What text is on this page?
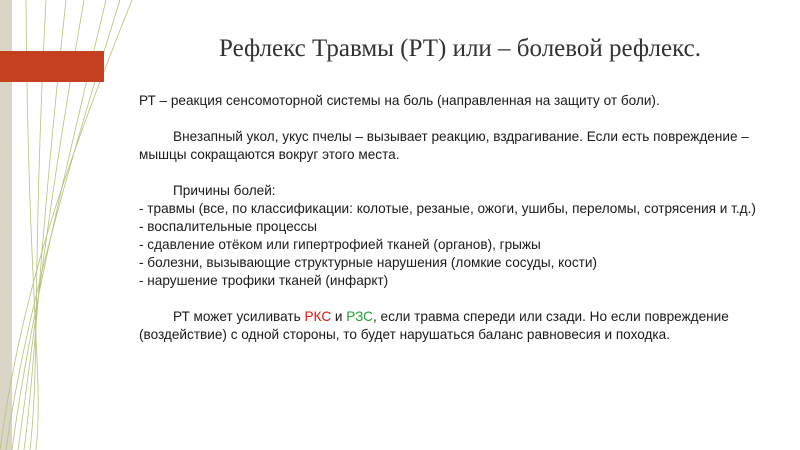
Рефлекс Травмы (РТ) или – болевой рефлекс.

РТ – реакция сенсомоторной системы на боль (направленная на защиту от боли).

Внезапный укол, укус пчелы – вызывает реакцию, вздрагивание. Если есть повреждение – мышцы сокращаются вокруг этого места.

Причины болей:

- травмы (все, по классификации: колотые, резаные, ожоги, ушибы, переломы, сотрясения и т.д.)

- воспалительные процессы

- сдавление отёком или гипертрофией тканей (органов), грыжы

- болезни, вызывающие структурные нарушения (ломкие сосуды, кости)

- нарушение трофики тканей (инфаркт)

РТ может усиливать РКС и РЗС, если травма спереди или сзади. Но если повреждение (воздействие) с одной стороны, то будет нарушаться баланс равновесия и походка.
